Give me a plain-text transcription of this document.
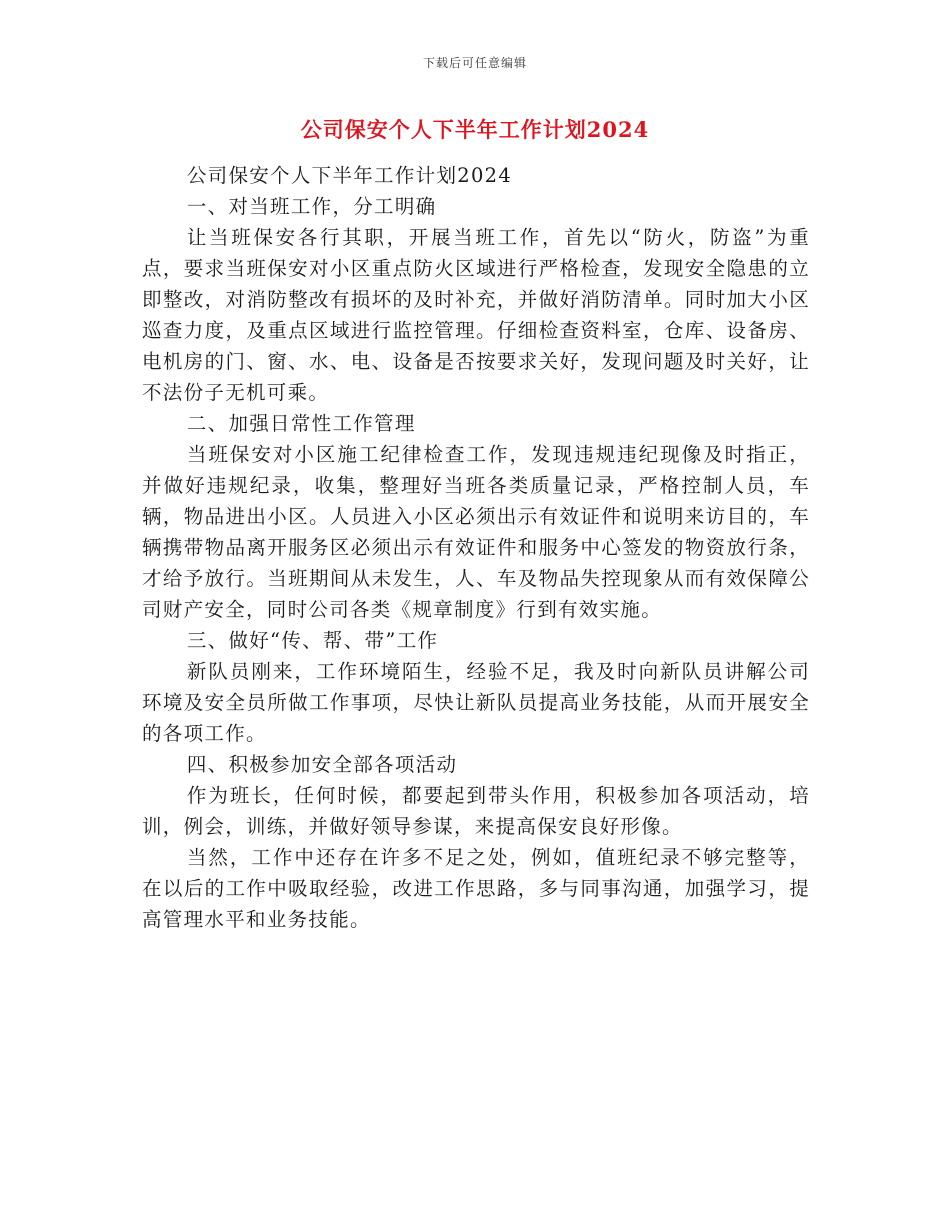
下载后可任意编辑
公司保安个人下半年工作计划2024

公司保安个人下半年工作计划2024

一、对当班工作，分工明确

让当班保安各行其职，开展当班工作，首先以“防火，防盗”为重点，要求当班保安对小区重点防火区域进行严格检查，发现安全隐患的立即整改，对消防整改有损坏的及时补充，并做好消防清单。同时加大小区巡查力度，及重点区域进行监控管理。仔细检查资料室，仓库、设备房、电机房的门、窗、水、电、设备是否按要求关好，发现问题及时关好，让不法份子无机可乘。

二、加强日常性工作管理

当班保安对小区施工纪律检查工作，发现违规违纪现像及时指正，并做好违规纪录，收集，整理好当班各类质量记录，严格控制人员，车辆，物品进出小区。人员进入小区必须出示有效证件和说明来访目的，车辆携带物品离开服务区必须出示有效证件和服务中心签发的物资放行条，才给予放行。当班期间从未发生，人、车及物品失控现象从而有效保障公司财产安全，同时公司各类《规章制度》行到有效实施。

三、做好“传、帮、带”工作

新队员刚来，工作环境陌生，经验不足，我及时向新队员讲解公司环境及安全员所做工作事项，尽快让新队员提高业务技能，从而开展安全的各项工作。

四、积极参加安全部各项活动

作为班长，任何时候，都要起到带头作用，积极参加各项活动，培训，例会，训练，并做好领导参谋，来提高保安良好形像。

当然，工作中还存在许多不足之处，例如，值班纪录不够完整等，在以后的工作中吸取经验，改进工作思路，多与同事沟通，加强学习，提高管理水平和业务技能。
